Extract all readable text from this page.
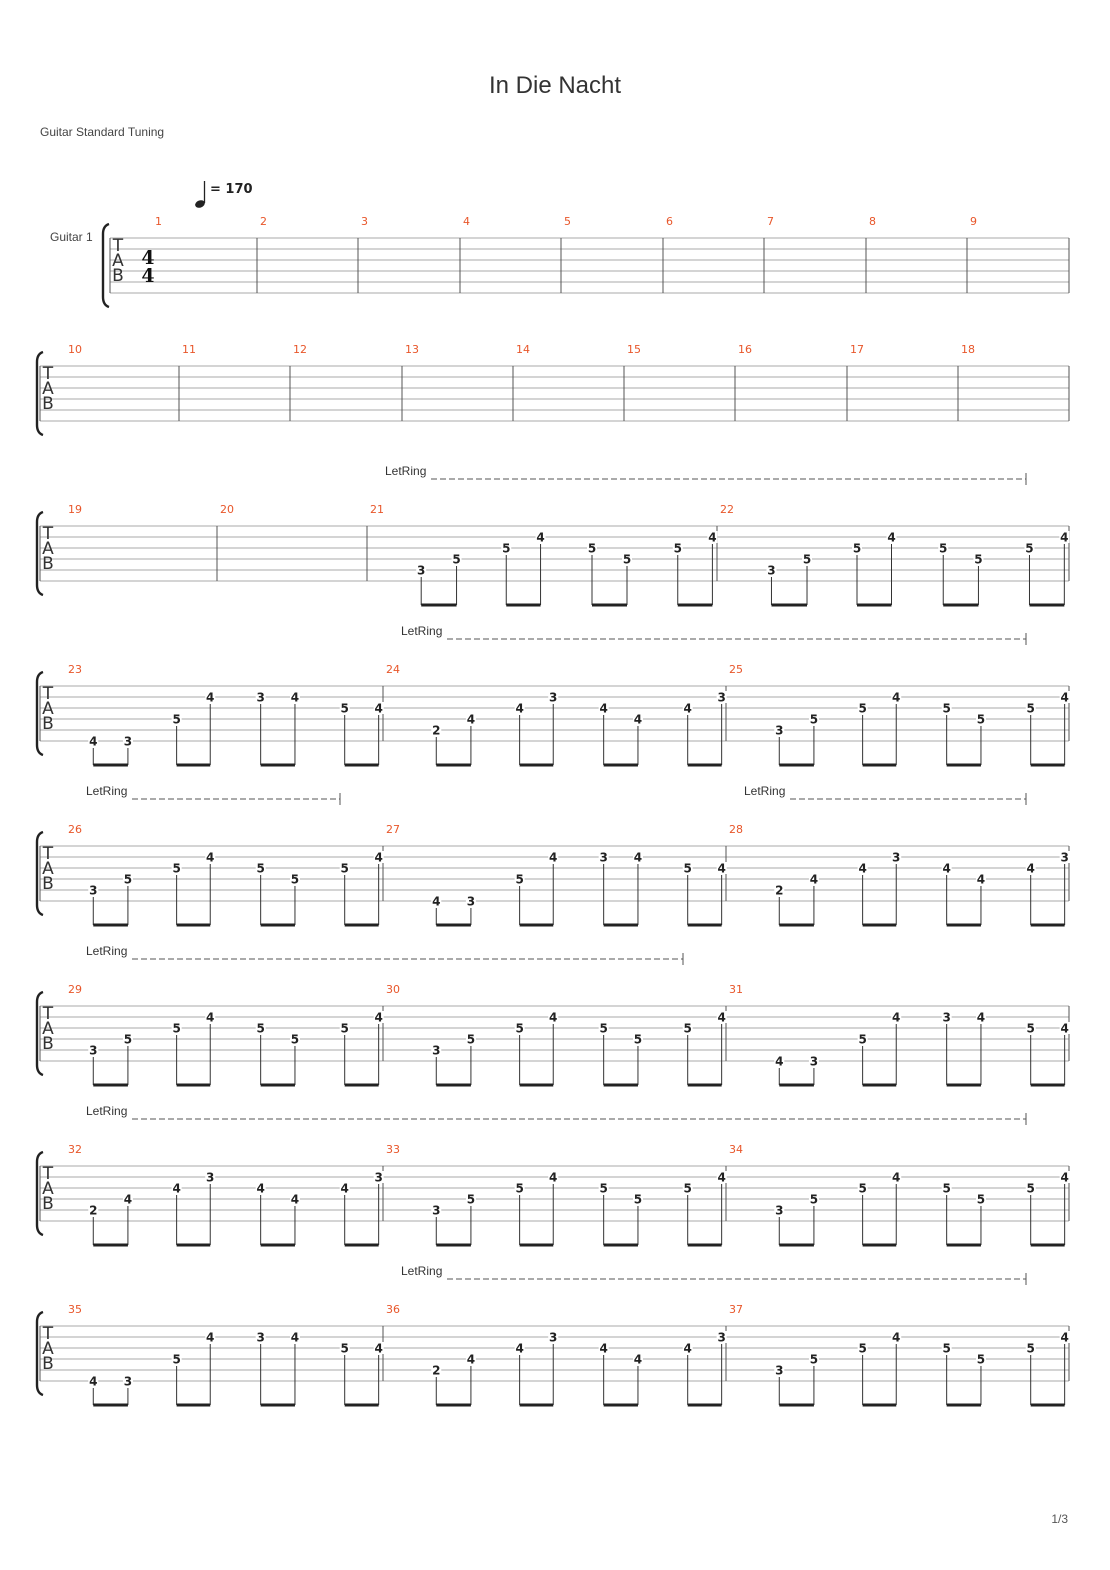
In Die Nacht
Guitar Standard Tuning
1/3
= 170
Guitar 1 T
A
B
4
4
1	2	3	4	5	6	7	8	9
T
A
B
10	11	12	13	14	15	16	17	18
T
A
B
19	20	21
3
5
5
4
5
5
5
4
22
3
5
5
4
5
5
5
4
LetRing
T
A
B
23
4 3
5
4	3 4
5 4
24
2
4
4
3
4
4
4
3
25
3
5
5
4
5
5
5
4
LetRing
T
A
B
26
3
5
5
4
5
5
5
4
27
4 3
5
4	3 4
5 4
28
2
4
4
3
4
4
4
3
LetRing	LetRing
T
A
B
29
3
5
5
4
5
5
5
4
30
3
5
5
4
5
5
5
4
31
4 3
5
4	3 4
5 4
LetRing
T
A
B
32
2
4
4
3
4
4
4
3
33
3
5
5
4
5
5
5
4
34
3
5
5
4
5
5
5
4
LetRing
T
A
B
35
4 3
5
4	3 4
5 4
36
2
4
4
3
4
4
4
3
37
3
5
5
4
5
5
5
4
LetRing
